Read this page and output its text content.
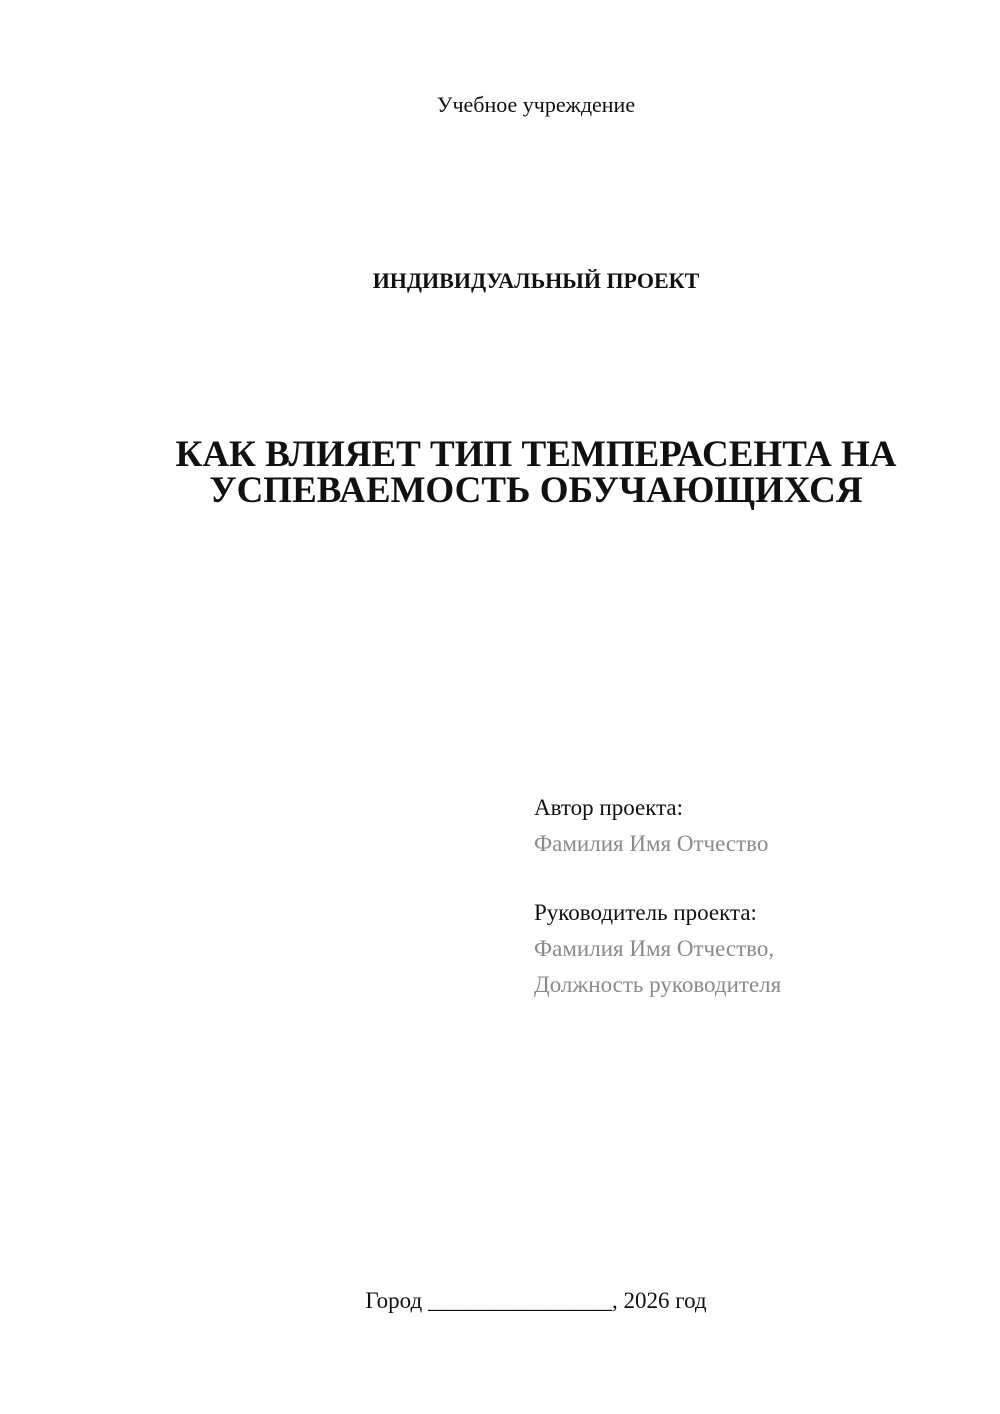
Учебное учреждение
ИНДИВИДУАЛЬНЫЙ ПРОЕКТ
КАК ВЛИЯЕТ ТИП ТЕМПЕРАСЕНТА НА
УСПЕВАЕМОСТЬ ОБУЧАЮЩИХСЯ
Автор проекта:
Фамилия Имя Отчество
Руководитель проекта:
Фамилия Имя Отчество,
Должность руководителя
Город ________________, 2026 год
